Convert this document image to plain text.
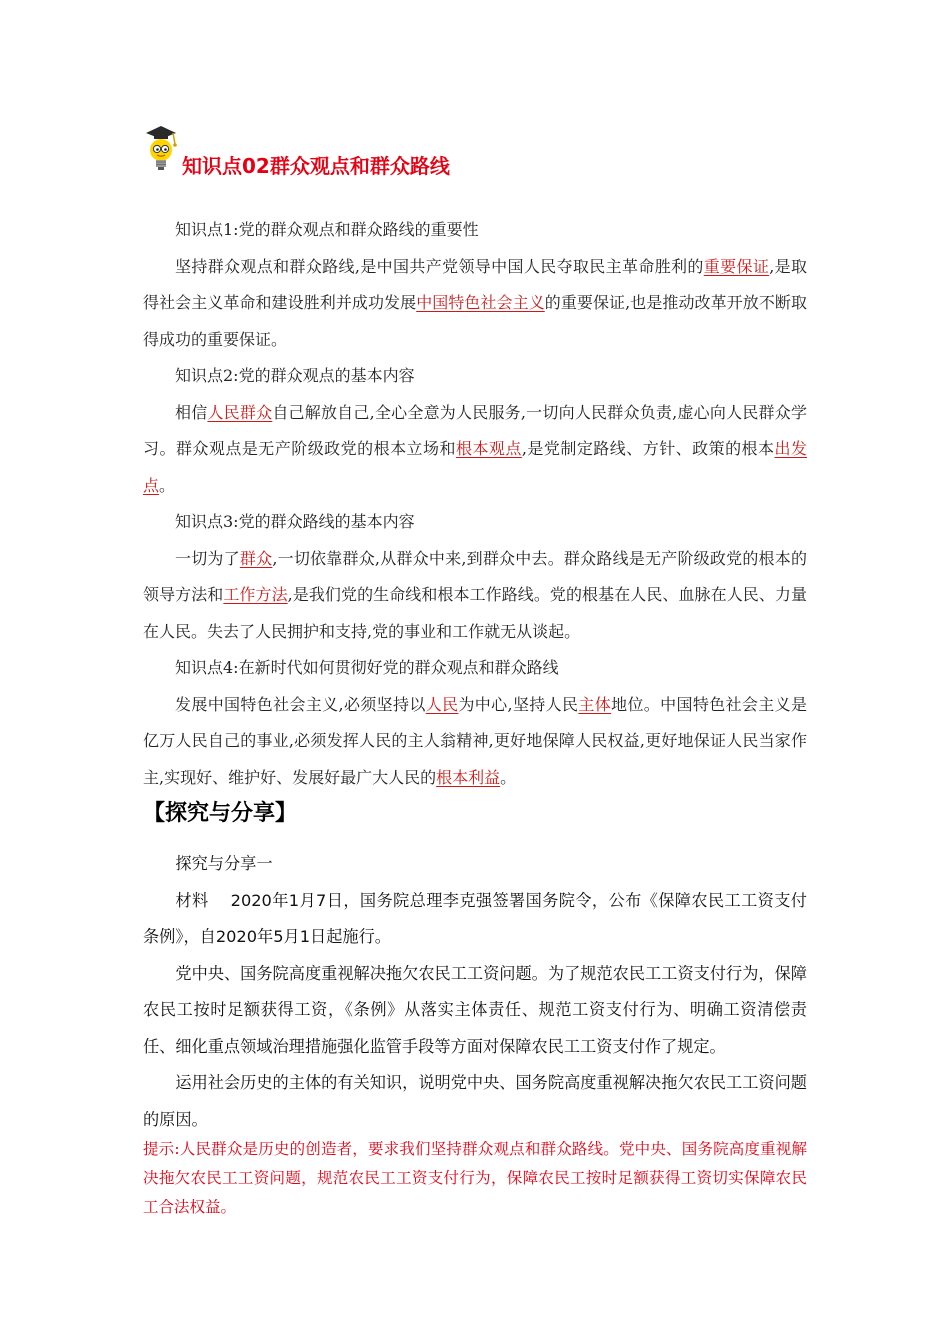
知识点02群众观点和群众路线

知识点1:党的群众观点和群众路线的重要性

坚持群众观点和群众路线,是中国共产党领导中国人民夺取民主革命胜利的重要保证,是取得社会主义革命和建设胜利并成功发展中国特色社会主义的重要保证,也是推动改革开放不断取得成功的重要保证。

知识点2:党的群众观点的基本内容

相信人民群众自己解放自己,全心全意为人民服务,一切向人民群众负责,虚心向人民群众学习。群众观点是无产阶级政党的根本立场和根本观点,是党制定路线、方针、政策的根本出发点。

知识点3:党的群众路线的基本内容

一切为了群众,一切依靠群众,从群众中来,到群众中去。群众路线是无产阶级政党的根本的领导方法和工作方法,是我们党的生命线和根本工作路线。党的根基在人民、血脉在人民、力量在人民。失去了人民拥护和支持,党的事业和工作就无从谈起。

知识点4:在新时代如何贯彻好党的群众观点和群众路线

发展中国特色社会主义,必须坚持以人民为中心,坚持人民主体地位。中国特色社会主义是亿万人民自己的事业,必须发挥人民的主人翁精神,更好地保障人民权益,更好地保证人民当家作主,实现好、维护好、发展好最广大人民的根本利益。

【探究与分享】

探究与分享一

材料　 2020年1月7日，国务院总理李克强签署国务院令，公布《保障农民工工资支付条例》，自2020年5月1日起施行。

党中央、国务院高度重视解决拖欠农民工工资问题。为了规范农民工工资支付行为，保障农民工按时足额获得工资，《条例》从落实主体责任、规范工资支付行为、明确工资清偿责任、细化重点领域治理措施强化监管手段等方面对保障农民工工资支付作了规定。

运用社会历史的主体的有关知识，说明党中央、国务院高度重视解决拖欠农民工工资问题的原因。

提示:人民群众是历史的创造者，要求我们坚持群众观点和群众路线。党中央、国务院高度重视解决拖欠农民工工资问题，规范农民工工资支付行为，保障农民工按时足额获得工资切实保障农民工合法权益。
